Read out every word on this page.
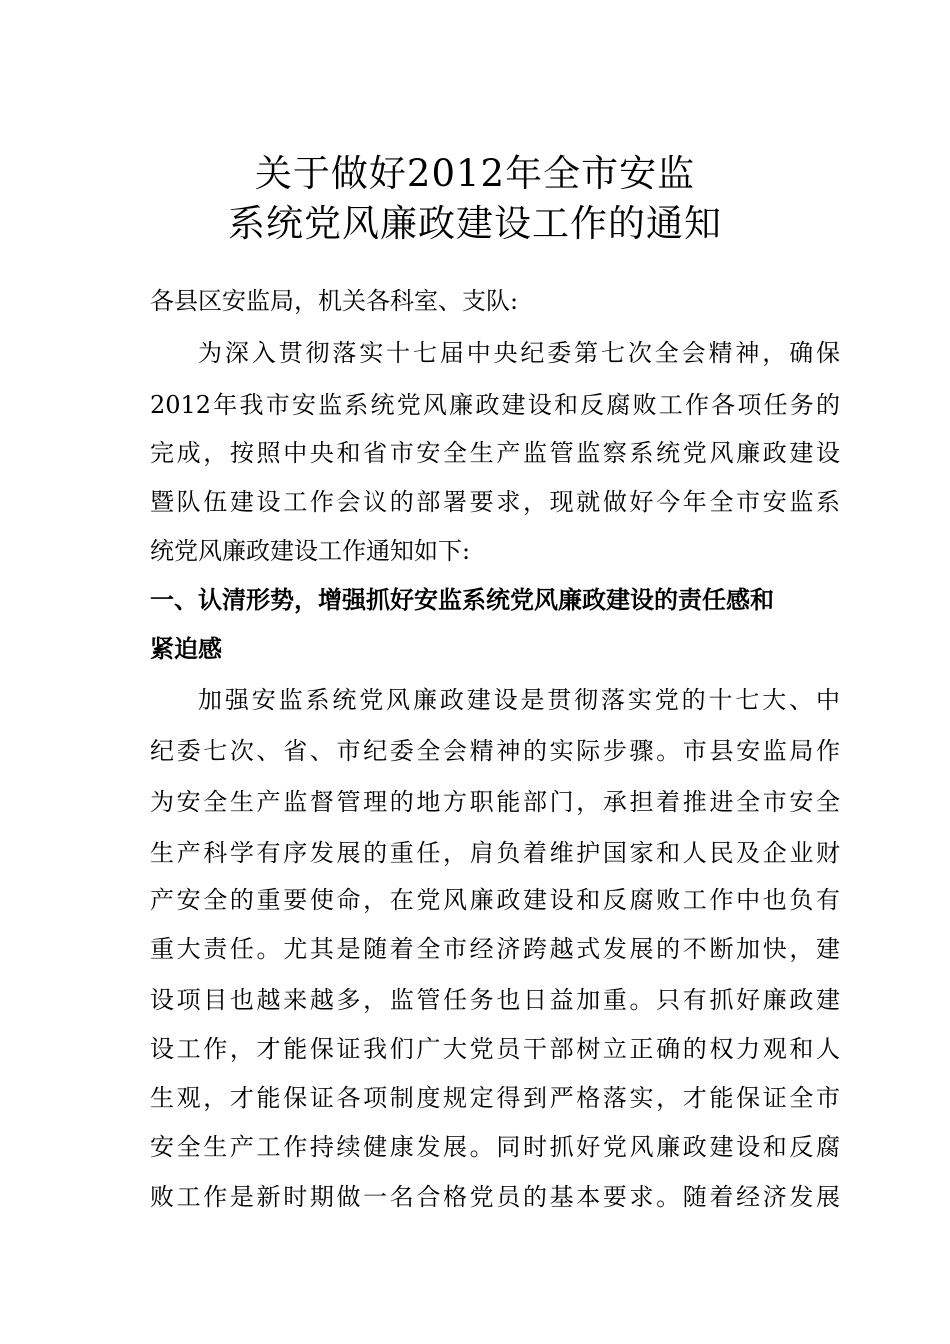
关于做好2012年全市安监
系统党风廉政建设工作的通知
各县区安监局，机关各科室、支队:
为深入贯彻落实十七届中央纪委第七次全会精神，确保
2012年我市安监系统党风廉政建设和反腐败工作各项任务的
完成，按照中央和省市安全生产监管监察系统党风廉政建设
暨队伍建设工作会议的部署要求，现就做好今年全市安监系
统党风廉政建设工作通知如下:
一、认清形势，增强抓好安监系统党风廉政建设的责任感和
紧迫感
加强安监系统党风廉政建设是贯彻落实党的十七大、中
纪委七次、省、市纪委全会精神的实际步骤。市县安监局作
为安全生产监督管理的地方职能部门，承担着推进全市安全
生产科学有序发展的重任，肩负着维护国家和人民及企业财
产安全的重要使命，在党风廉政建设和反腐败工作中也负有
重大责任。尤其是随着全市经济跨越式发展的不断加快，建
设项目也越来越多，监管任务也日益加重。只有抓好廉政建
设工作，才能保证我们广大党员干部树立正确的权力观和人
生观，才能保证各项制度规定得到严格落实，才能保证全市
安全生产工作持续健康发展。同时抓好党风廉政建设和反腐
败工作是新时期做一名合格党员的基本要求。随着经济发展
